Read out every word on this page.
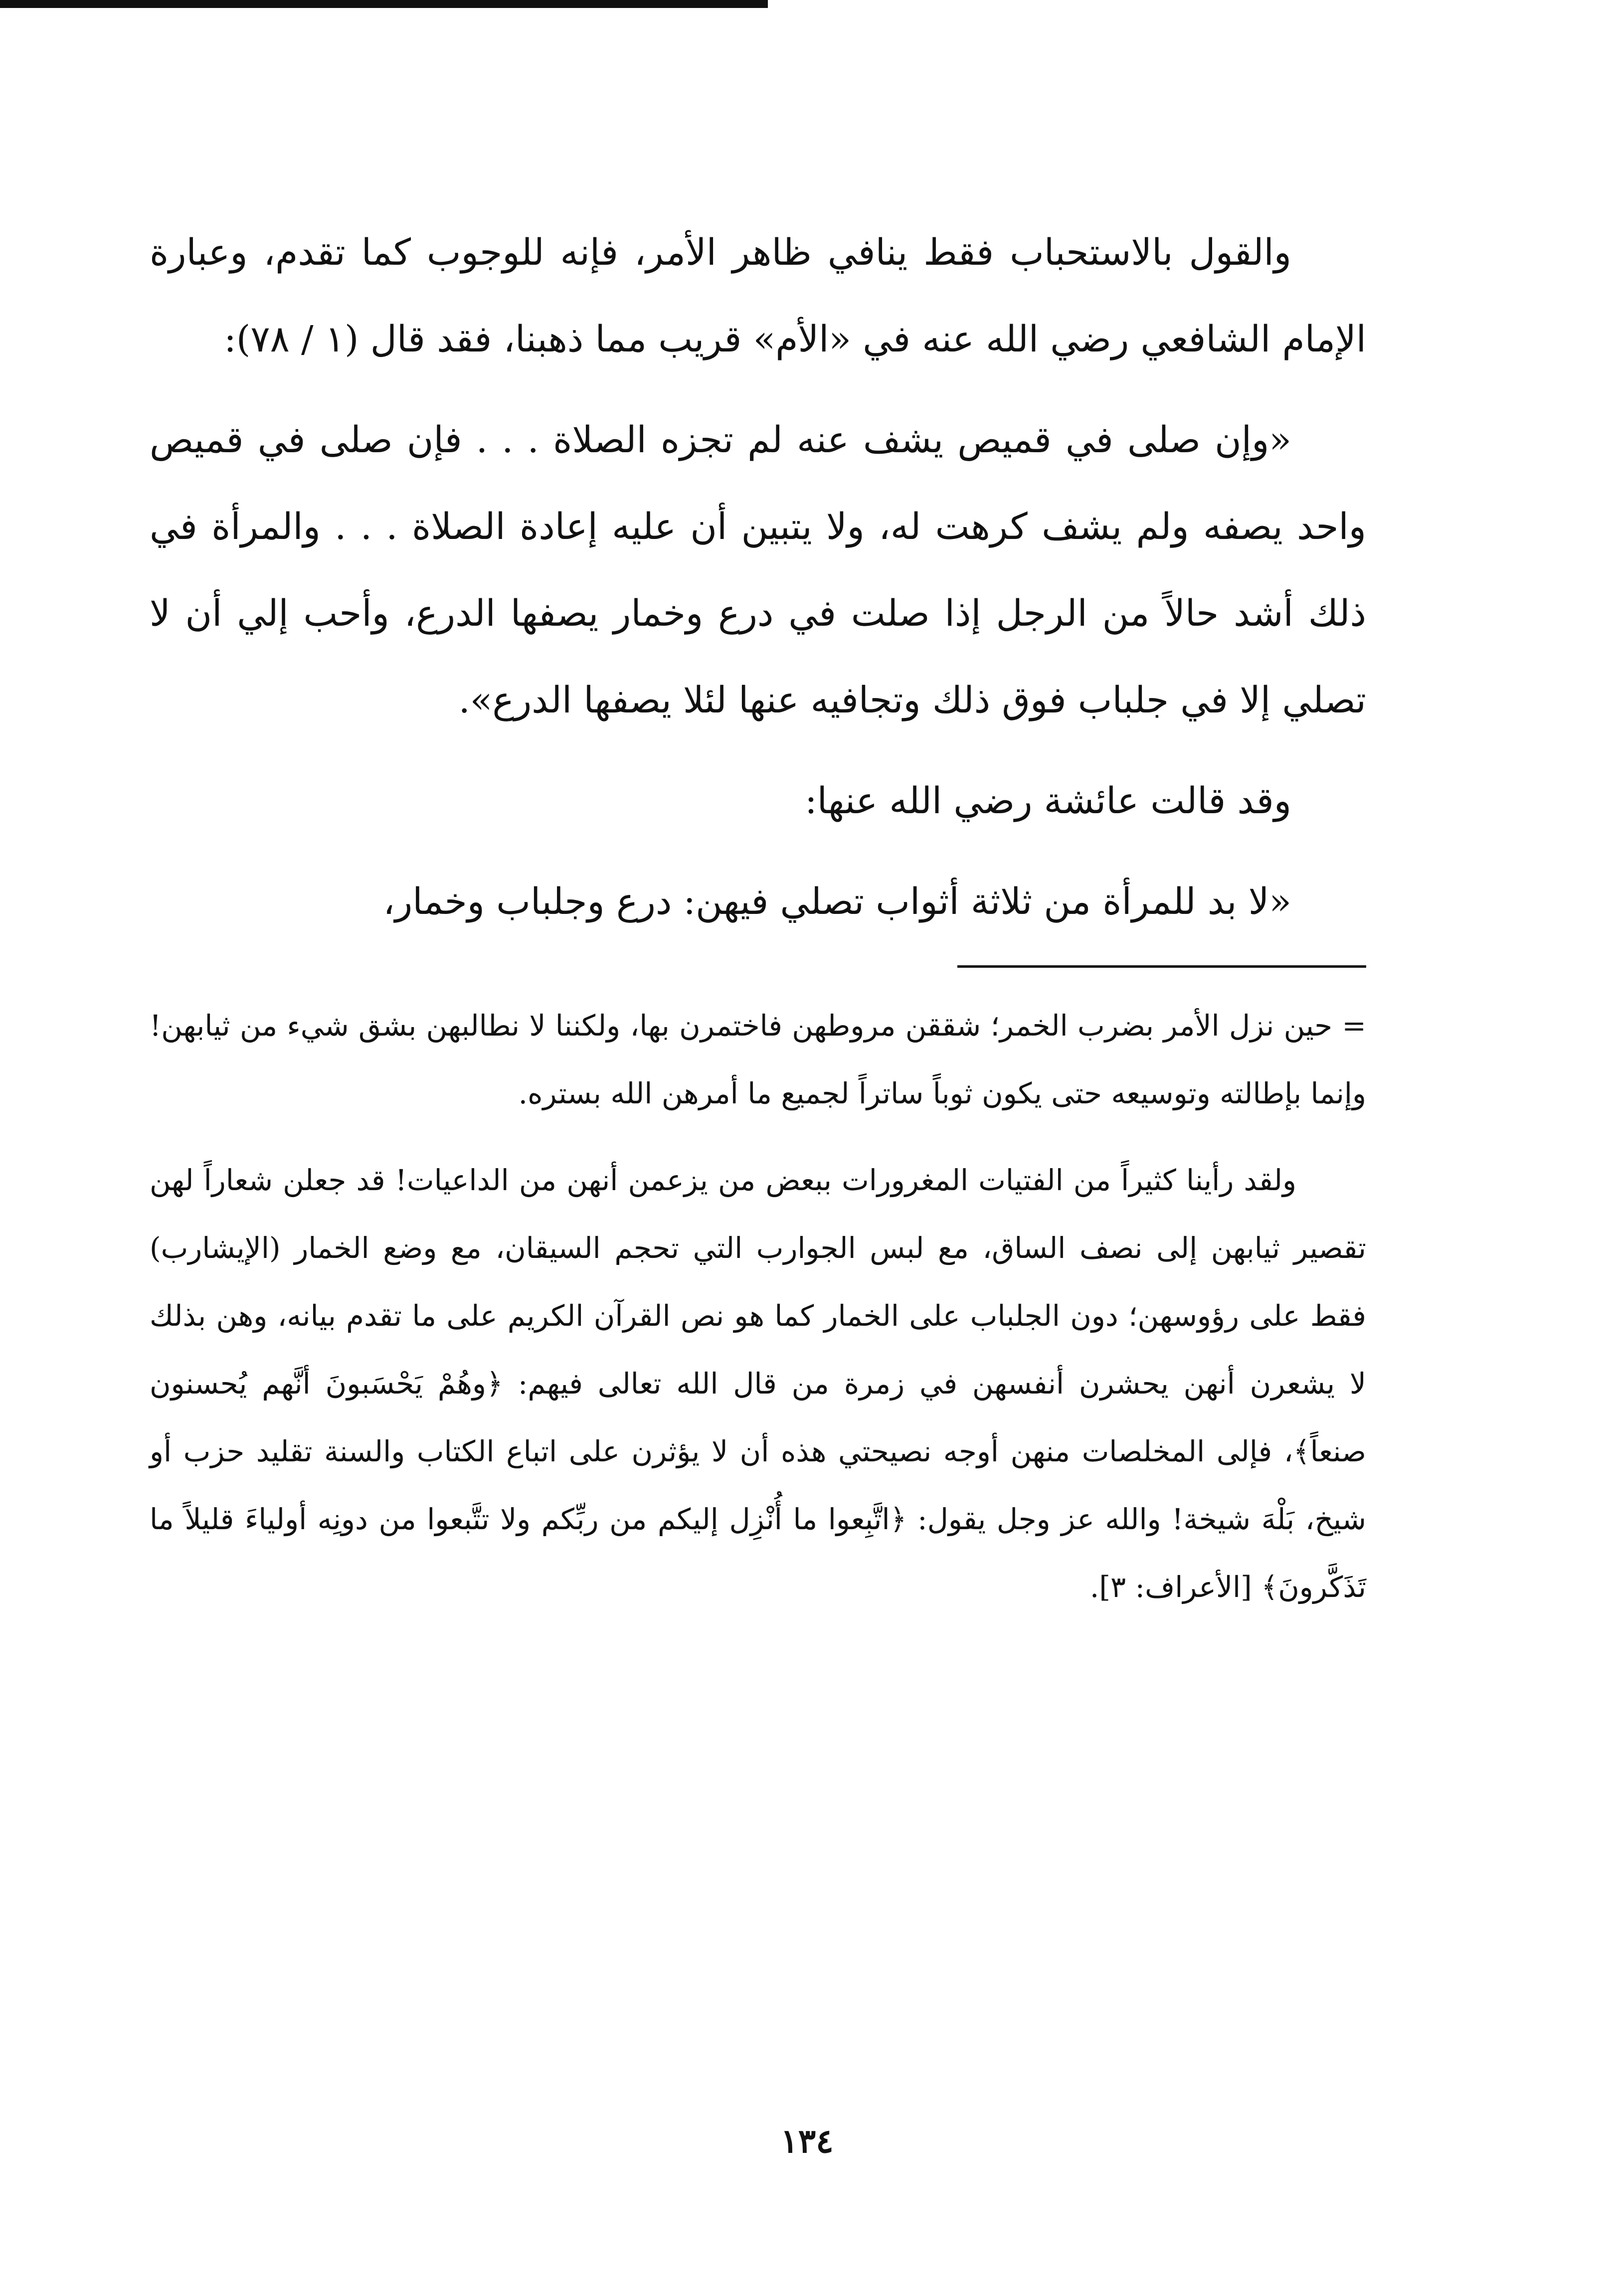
والقول بالاستحباب فقط ينافي ظاهر الأمر، فإنه للوجوب كما تقدم، وعبارة الإمام الشافعي رضي الله عنه في «الأم» قريب مما ذهبنا، فقد قال (١ / ٧٨):

«وإن صلى في قميص يشف عنه لم تجزه الصلاة . . . فإن صلى في قميص واحد يصفه ولم يشف كرهت له، ولا يتبين أن عليه إعادة الصلاة . . . والمرأة في ذلك أشد حالاً من الرجل إذا صلت في درع وخمار يصفها الدرع، وأحب إلي أن لا تصلي إلا في جلباب فوق ذلك وتجافيه عنها لئلا يصفها الدرع».

وقد قالت عائشة رضي الله عنها:

«لا بد للمرأة من ثلاثة أثواب تصلي فيهن: درع وجلباب وخمار،

= حين نزل الأمر بضرب الخمر؛ شققن مروطهن فاختمرن بها، ولكننا لا نطالبهن بشق شيء من ثيابهن! وإنما بإطالته وتوسيعه حتى يكون ثوباً ساتراً لجميع ما أمرهن الله بستره.

ولقد رأينا كثيراً من الفتيات المغرورات ببعض من يزعمن أنهن من الداعيات! قد جعلن شعاراً لهن تقصير ثيابهن إلى نصف الساق، مع لبس الجوارب التي تحجم السيقان، مع وضع الخمار (الإيشارب) فقط على رؤوسهن؛ دون الجلباب على الخمار كما هو نص القرآن الكريم على ما تقدم بيانه، وهن بذلك لا يشعرن أنهن يحشرن أنفسهن في زمرة من قال الله تعالى فيهم: ﴿وهُمْ يَحْسَبونَ أنَّهم يُحسنون صنعاً﴾، فإلى المخلصات منهن أوجه نصيحتي هذه أن لا يؤثرن على اتباع الكتاب والسنة تقليد حزب أو شيخ، بَلْهَ شيخة! والله عز وجل يقول: ﴿اتَّبِعوا ما أُنْزِل إليكم من ربِّكم ولا تتَّبعوا من دونِه أولياءَ قليلاً ما تَذَكَّرونَ﴾ [الأعراف: ٣].

١٣٤
